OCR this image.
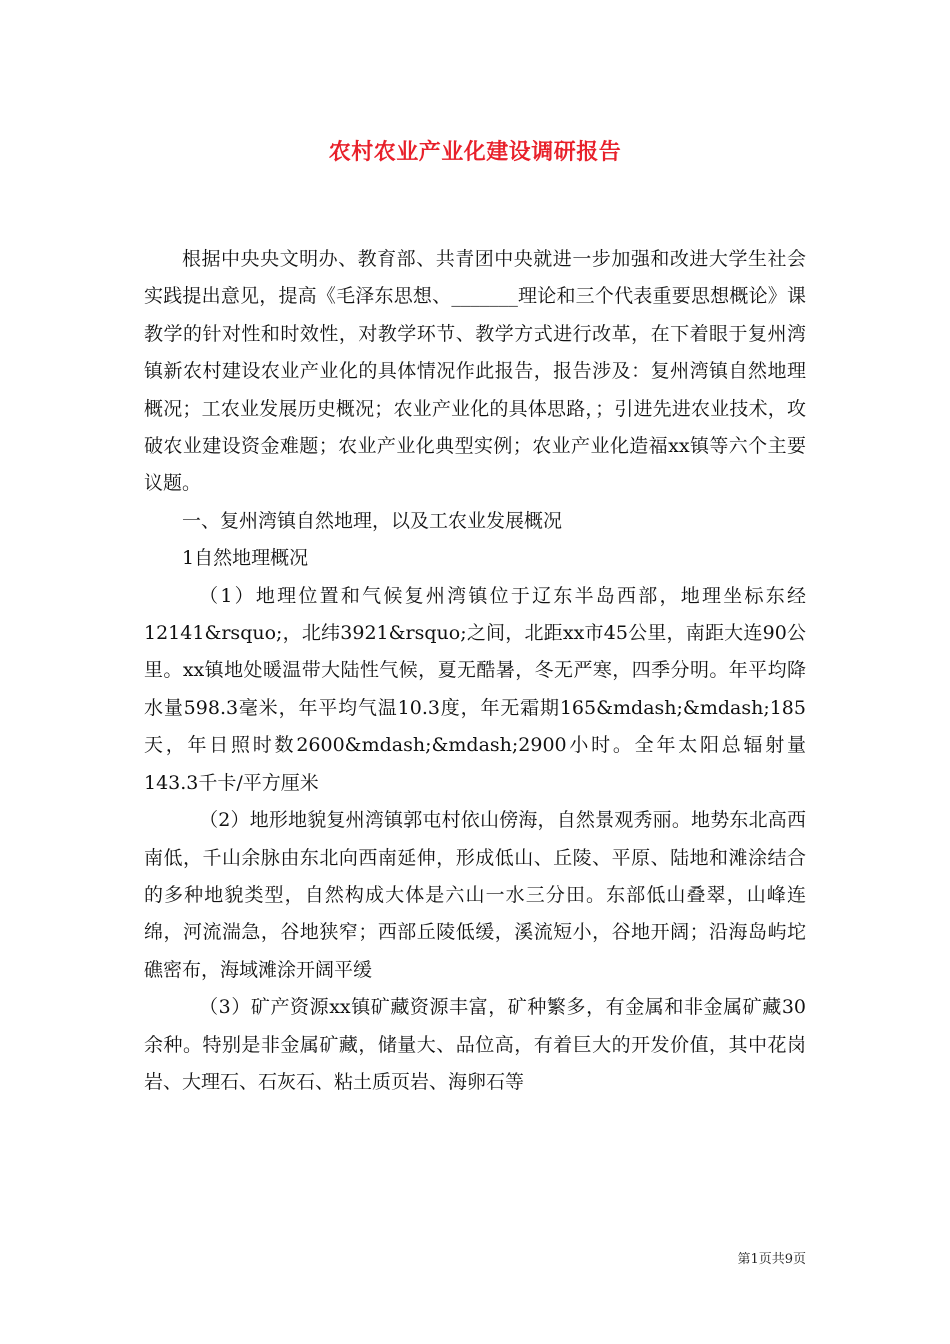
农村农业产业化建设调研报告

根据中央央文明办、教育部、共青团中央就进一步加强和改进大学生社会实践提出意见，提高《毛泽东思想、_______理论和三个代表重要思想概论》课教学的针对性和时效性，对教学环节、教学方式进行改革，在下着眼于复州湾镇新农村建设农业产业化的具体情况作此报告，报告涉及：复州湾镇自然地理概况；工农业发展历史概况；农业产业化的具体思路，；引进先进农业技术，攻破农业建设资金难题；农业产业化典型实例；农业产业化造福xx镇等六个主要议题。

一、复州湾镇自然地理，以及工农业发展概况

1自然地理概况

（1）地理位置和气候复州湾镇位于辽东半岛西部，地理坐标东经12141&rsquo;，北纬3921&rsquo;之间，北距xx市45公里，南距大连90公里。xx镇地处暖温带大陆性气候，夏无酷暑，冬无严寒，四季分明。年平均降水量598.3毫米，年平均气温10.3度，年无霜期165&mdash;&mdash;185天，年日照时数2600&mdash;&mdash;2900小时。全年太阳总辐射量143.3千卡/平方厘米

（2）地形地貌复州湾镇郭屯村依山傍海，自然景观秀丽。地势东北高西南低，千山余脉由东北向西南延伸，形成低山、丘陵、平原、陆地和滩涂结合的多种地貌类型，自然构成大体是六山一水三分田。东部低山叠翠，山峰连绵，河流湍急，谷地狭窄；西部丘陵低缓，溪流短小，谷地开阔；沿海岛屿坨礁密布，海域滩涂开阔平缓

（3）矿产资源xx镇矿藏资源丰富，矿种繁多，有金属和非金属矿藏30余种。特别是非金属矿藏，储量大、品位高，有着巨大的开发价值，其中花岗岩、大理石、石灰石、粘土质页岩、海卵石等

第1页共9页
